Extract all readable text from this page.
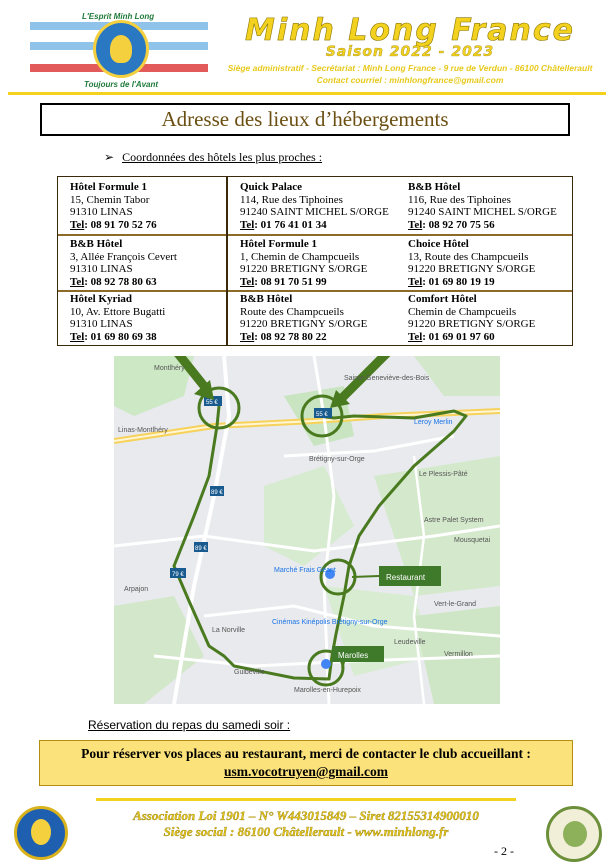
L'Esprit Minh Long
Toujours de l'Avant
Minh Long France
Saison 2022 - 2023
Siège administratif - Secrétariat : Minh Long France - 9 rue de Verdun - 86100 Châtellerault
Contact courriel : minhlongfrance@gmail.com
Adresse des lieux d’hébergements
➢ Coordonnées des hôtels les plus proches :
Hôtel Formule 1
15, Chemin Tabor
91310 LINAS
Tel: 08 91 70 52 76
B&B Hôtel
3, Allée François Cevert
91310 LINAS
Tel: 08 92 78 80 63
Hôtel Kyriad
10, Av. Ettore Bugatti
91310 LINAS
Tel: 01 69 80 69 38
Quick Palace
114, Rue des Tiphoines
91240 SAINT MICHEL S/ORGE
Tel: 01 76 41 01 34
Hôtel Formule 1
1, Chemin de Champcueils
91220 BRETIGNY S/ORGE
Tel: 08 91 70 51 99
B&B Hôtel
Route des Champcueils
91220 BRETIGNY S/ORGE
Tel: 08 92 78 80 22
B&B Hôtel
116, Rue des Tiphoines
91240 SAINT MICHEL S/ORGE
Tel: 08 92 70 75 56
Choice Hôtel
13, Route des Champcueils
91220 BRETIGNY S/ORGE
Tel: 01 69 80 19 19
Comfort Hôtel
Chemin de Champcueils
91220 BRETIGNY S/ORGE
Tel: 01 69 01 97 60
55 €
55 €
89 €
89 €
79 €
Montlhéry
Linas-Montlhéry
Sainte-Geneviève-des-Bois
Leroy Merlin
Brétigny-sur-Orge
Le Plessis-Pâté
Astre Palet System
Mousquetai
Marché Frais Géant
Cinémas Kinépolis Brétigny-sur-Orge
La Norville
Arpajon
Guibeville
Leudeville
Vert-le-Grand
Vermillon
Marolles-en-Hurepoix
Restaurant
Marolles
Réservation du repas du samedi soir :
Pour réserver vos places au restaurant, merci de contacter le club accueillant :
usm.vocotruyen@gmail.com
Association Loi 1901 – N° W443015849 – Siret 82155314900010
Siège social : 86100 Châtellerault - www.minhlong.fr
- 2 -
